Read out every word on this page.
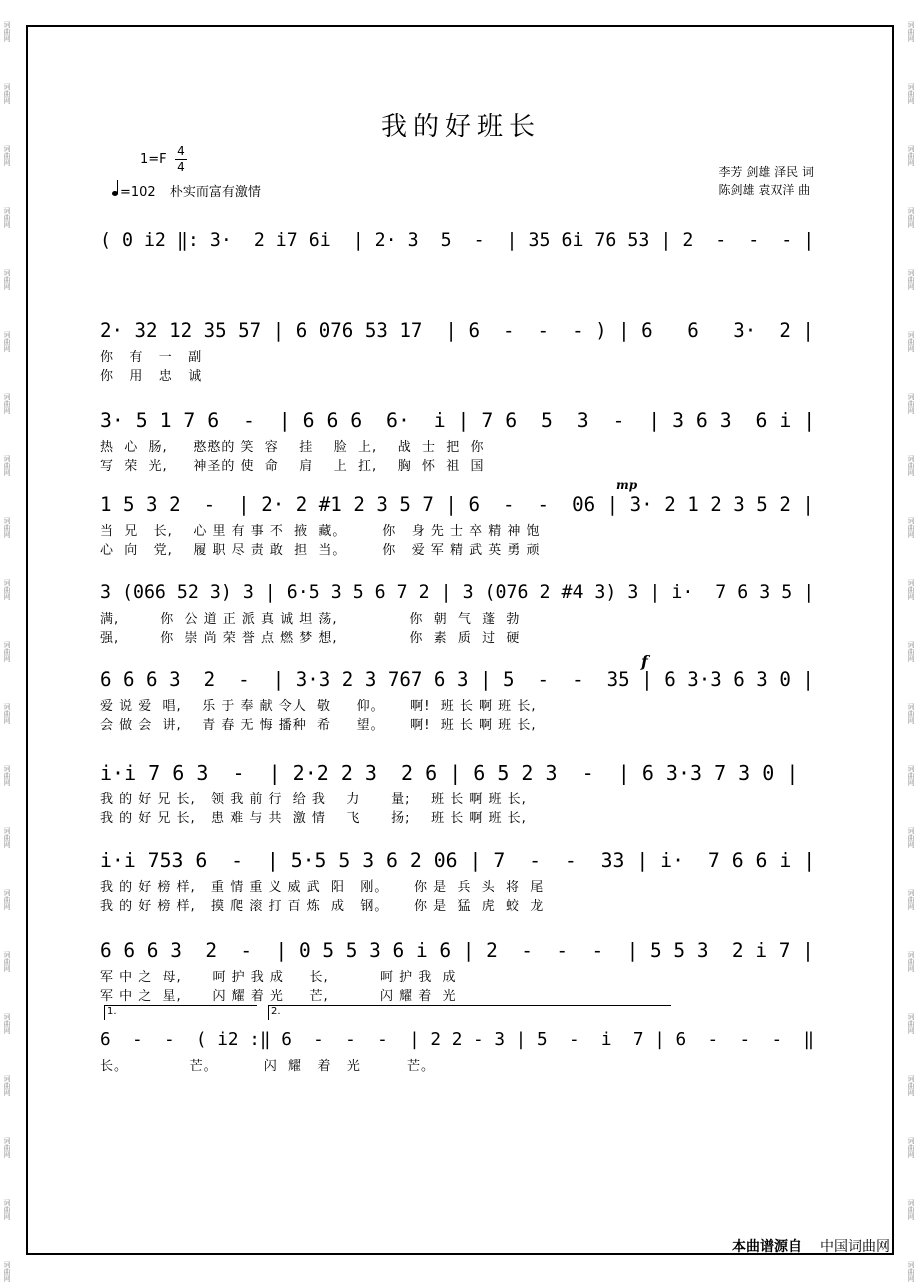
词曲网
词曲网
词曲网
词曲网
词曲网
词曲网
词曲网
词曲网
词曲网
词曲网
词曲网
词曲网
词曲网
词曲网
词曲网
词曲网
词曲网
词曲网
词曲网
词曲网
词曲网
词曲网
词曲网
词曲网
词曲网
词曲网
词曲网
词曲网
词曲网
词曲网
词曲网
词曲网
词曲网
词曲网
词曲网
词曲网
词曲网
词曲网
词曲网
词曲网
词曲网
词曲网
我的好班长
1=F
4
4
=102 朴实而富有激情
李芳 剑雄 泽民 词
陈剑雄 袁双洋 曲
( 0 i2 ‖: 3·  2 i7 6i  | 2· 3  5  -  | 35 6i 76 53 | 2  -  -  - |
2· 32 12 35 57 | 6 076 53 17  | 6  -  -  - ) | 6   6   3·  2 |
你   有   一   副
你   用   忠   诚
3· 5 1 7 6  -  | 6 6 6  6·  i | 7 6  5  3  -  | 3 6 3  6 i |
热  心  肠,     憨憨的 笑  容    挂    脸  上,    战  士  把  你
写  荣  光,     神圣的 使  命    肩    上  扛,    胸  怀  祖  国
1 5 3 2  -  | 2· 2 #1 2 3 5 7 | 6  -  -  06 | 3· 2 1 2 3 5 2 |
当  兄   长,    心 里 有 事 不  掖  藏。       你   身 先 士 卒 精 神 饱
心  向   党,    履 职 尽 责 敢  担  当。       你   爱 军 精 武 英 勇 顽
3 (066 52 3) 3 | 6·5 3 5 6 7 2 | 3 (076 2 #4 3) 3 | i·  7 6 3 5 |
满,        你  公 道 正 派 真 诚 坦 荡,              你  朝  气  蓬  勃
强,        你  崇 尚 荣 誉 点 燃 梦 想,              你  素  质  过  硬
6 6 6 3  2  -  | 3·3 2 3 767 6 3 | 5  -  -  35 | 6 3·3 6 3 0 |
爱 说 爱  唱,    乐 于 奉 献 令人  敬     仰。     啊!  班 长 啊 班 长,
会 做 会  讲,    青 春 无 悔 播种  希     望。     啊!  班 长 啊 班 长,
i·i 7 6 3  -  | 2·2 2 3  2 6 | 6 5 2 3  -  | 6 3·3 7 3 0 |
我 的 好 兄 长,   领 我 前 行  给 我    力      量;    班 长 啊 班 长,
我 的 好 兄 长,   患 难 与 共  激 情    飞      扬;    班 长 啊 班 长,
i·i 753 6  -  | 5·5 5 3 6 2 06 | 7  -  -  33 | i·  7 6 6 i |
我 的 好 榜 样,   重 情 重 义 威 武  阳   刚。     你 是  兵  头  将  尾
我 的 好 榜 样,   摸 爬 滚 打 百 炼  成   钢。     你 是  猛  虎  蛟  龙
6 6 6 3  2  -  | 0 5 5 3 6 i 6 | 2  -  -  -  | 5 5 3  2 i 7 |
军 中 之  母,      呵 护 我 成     长,          呵 护 我  成
军 中 之  星,      闪 耀 着 光     芒,          闪 耀 着  光
6  -  -  ( i2 :‖ 6  -  -  -  | 2 2 - 3 | 5  -  i  7 | 6  -  -  -  ‖
长。            芒。         闪  耀   着   光         芒。
mp
f
1.	2.
本曲谱源自 中国词曲网
